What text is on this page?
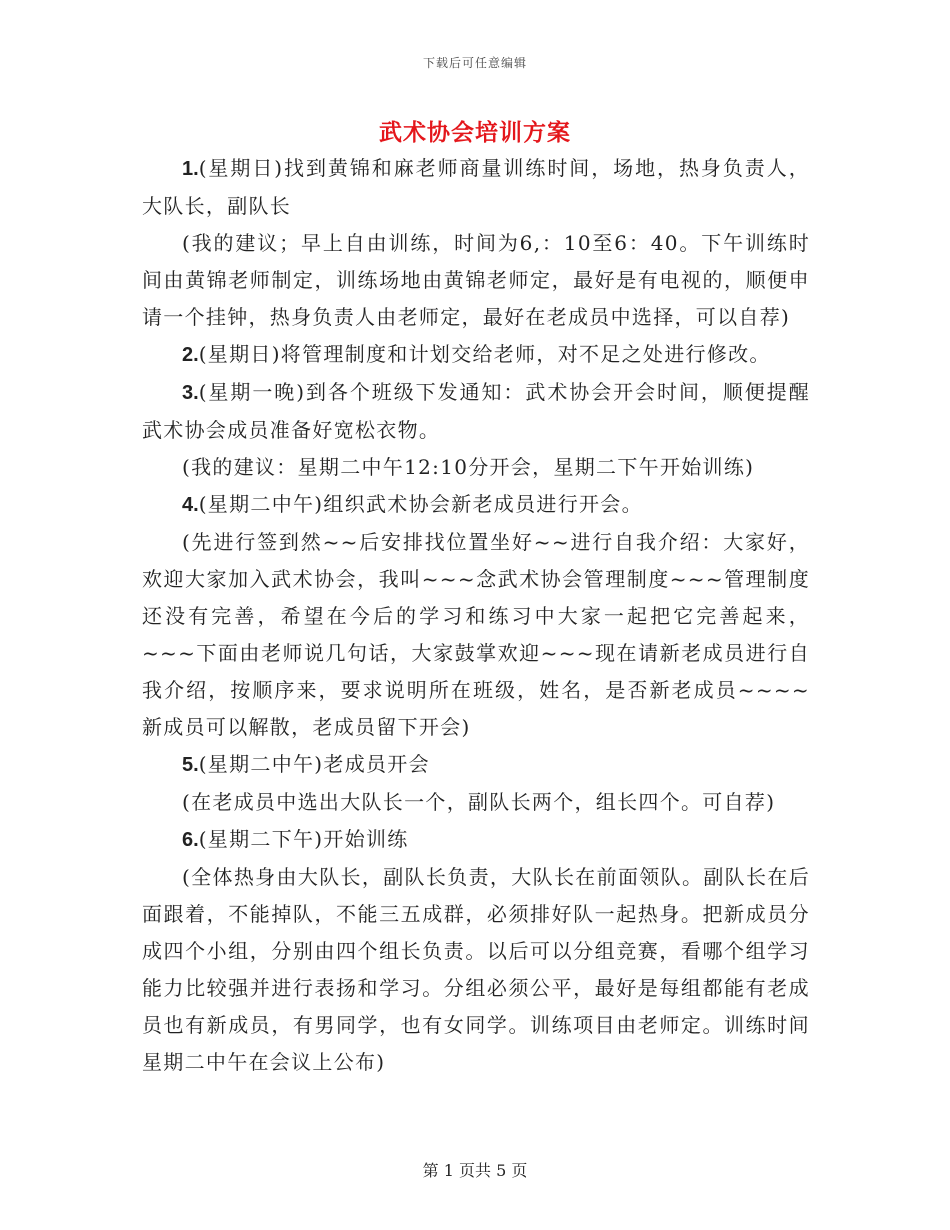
下载后可任意编辑
武术协会培训方案

1.(星期日)找到黄锦和麻老师商量训练时间，场地，热身负责人，大队长，副队长

(我的建议；早上自由训练，时间为6,：10至6：40。下午训练时间由黄锦老师制定，训练场地由黄锦老师定，最好是有电视的，顺便申请一个挂钟，热身负责人由老师定，最好在老成员中选择，可以自荐)

2.(星期日)将管理制度和计划交给老师，对不足之处进行修改。

3.(星期一晚)到各个班级下发通知：武术协会开会时间，顺便提醒武术协会成员准备好宽松衣物。

(我的建议：星期二中午12:10分开会，星期二下午开始训练)

4.(星期二中午)组织武术协会新老成员进行开会。

(先进行签到然~~后安排找位置坐好~~进行自我介绍：大家好，欢迎大家加入武术协会，我叫~~~念武术协会管理制度~~~管理制度还没有完善，希望在今后的学习和练习中大家一起把它完善起来，~~~下面由老师说几句话，大家鼓掌欢迎~~~现在请新老成员进行自我介绍，按顺序来，要求说明所在班级，姓名，是否新老成员~~~~新成员可以解散，老成员留下开会)

5.(星期二中午)老成员开会

(在老成员中选出大队长一个，副队长两个，组长四个。可自荐)

6.(星期二下午)开始训练

(全体热身由大队长，副队长负责，大队长在前面领队。副队长在后面跟着，不能掉队，不能三五成群，必须排好队一起热身。把新成员分成四个小组，分别由四个组长负责。以后可以分组竞赛，看哪个组学习能力比较强并进行表扬和学习。分组必须公平，最好是每组都能有老成员也有新成员，有男同学，也有女同学。训练项目由老师定。训练时间星期二中午在会议上公布)

第 1 页共 5 页
